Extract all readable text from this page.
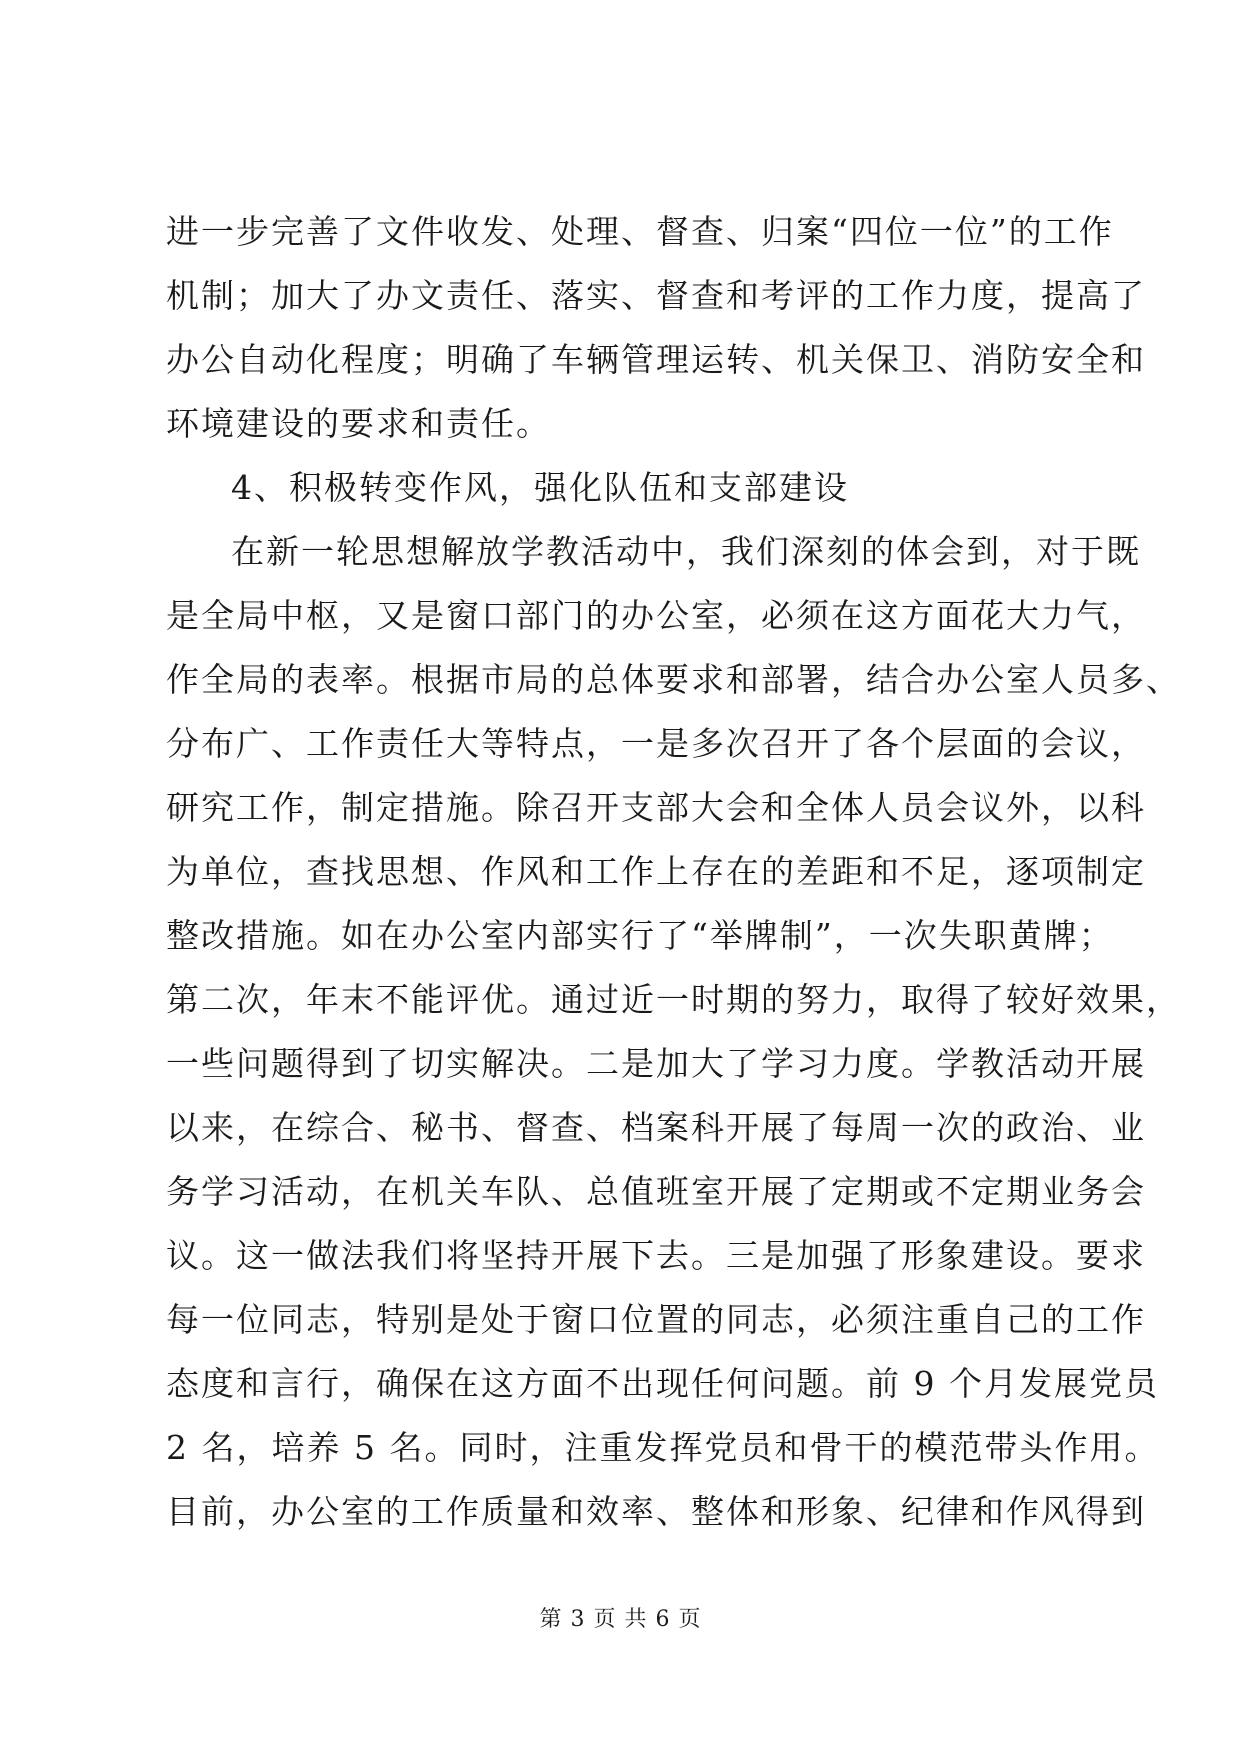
进一步完善了文件收发、处理、督查、归案“四位一位”的工作
机制；加大了办文责任、落实、督查和考评的工作力度，提高了
办公自动化程度；明确了车辆管理运转、机关保卫、消防安全和
环境建设的要求和责任。
4、积极转变作风，强化队伍和支部建设
在新一轮思想解放学教活动中，我们深刻的体会到，对于既
是全局中枢，又是窗口部门的办公室，必须在这方面花大力气，
作全局的表率。根据市局的总体要求和部署，结合办公室人员多、
分布广、工作责任大等特点，一是多次召开了各个层面的会议，
研究工作，制定措施。除召开支部大会和全体人员会议外，以科
为单位，查找思想、作风和工作上存在的差距和不足，逐项制定
整改措施。如在办公室内部实行了“举牌制”，一次失职黄牌；
第二次，年末不能评优。通过近一时期的努力，取得了较好效果，
一些问题得到了切实解决。二是加大了学习力度。学教活动开展
以来，在综合、秘书、督查、档案科开展了每周一次的政治、业
务学习活动，在机关车队、总值班室开展了定期或不定期业务会
议。这一做法我们将坚持开展下去。三是加强了形象建设。要求
每一位同志，特别是处于窗口位置的同志，必须注重自己的工作
态度和言行，确保在这方面不出现任何问题。前 9 个月发展党员
2 名，培养 5 名。同时，注重发挥党员和骨干的模范带头作用。
目前，办公室的工作质量和效率、整体和形象、纪律和作风得到
第 3 页 共 6 页
